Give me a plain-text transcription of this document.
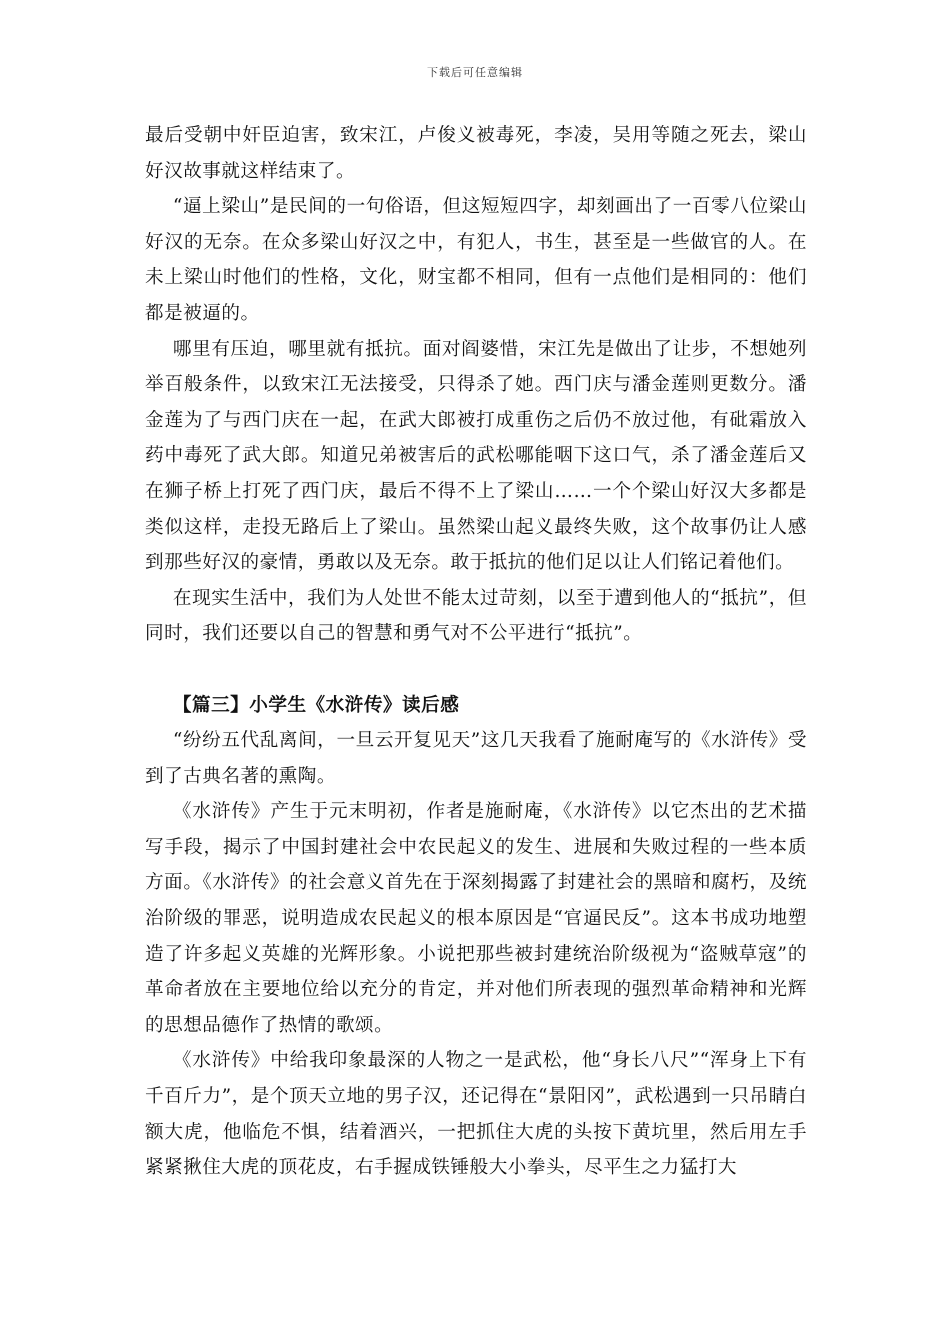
下载后可任意编辑

最后受朝中奸臣迫害，致宋江，卢俊义被毒死，李凌，吴用等随之死去，梁山好汉故事就这样结束了。

“逼上梁山”是民间的一句俗语，但这短短四字，却刻画出了一百零八位梁山好汉的无奈。在众多梁山好汉之中，有犯人，书生，甚至是一些做官的人。在未上梁山时他们的性格，文化，财宝都不相同，但有一点他们是相同的：他们都是被逼的。

哪里有压迫，哪里就有抵抗。面对阎婆惜，宋江先是做出了让步，不想她列举百般条件，以致宋江无法接受，只得杀了她。西门庆与潘金莲则更数分。潘金莲为了与西门庆在一起，在武大郎被打成重伤之后仍不放过他，有砒霜放入药中毒死了武大郎。知道兄弟被害后的武松哪能咽下这口气，杀了潘金莲后又在狮子桥上打死了西门庆，最后不得不上了梁山……一个个梁山好汉大多都是类似这样，走投无路后上了梁山。虽然梁山起义最终失败，这个故事仍让人感到那些好汉的豪情，勇敢以及无奈。敢于抵抗的他们足以让人们铭记着他们。

在现实生活中，我们为人处世不能太过苛刻，以至于遭到他人的“抵抗”，但同时，我们还要以自己的智慧和勇气对不公平进行“抵抗”。

【篇三】小学生《水浒传》读后感

“纷纷五代乱离间，一旦云开复见天”这几天我看了施耐庵写的《水浒传》受到了古典名著的熏陶。

《水浒传》产生于元末明初，作者是施耐庵，《水浒传》以它杰出的艺术描写手段，揭示了中国封建社会中农民起义的发生、进展和失败过程的一些本质方面。《水浒传》的社会意义首先在于深刻揭露了封建社会的黑暗和腐朽，及统治阶级的罪恶，说明造成农民起义的根本原因是“官逼民反”。这本书成功地塑造了许多起义英雄的光辉形象。小说把那些被封建统治阶级视为“盗贼草寇”的革命者放在主要地位给以充分的肯定，并对他们所表现的强烈革命精神和光辉的思想品德作了热情的歌颂。

《水浒传》中给我印象最深的人物之一是武松，他“身长八尺”“浑身上下有千百斤力”，是个顶天立地的男子汉，还记得在“景阳冈”，武松遇到一只吊睛白额大虎，他临危不惧，结着酒兴，一把抓住大虎的头按下黄坑里，然后用左手紧紧揪住大虎的顶花皮，右手握成铁锤般大小拳头，尽平生之力猛打大
